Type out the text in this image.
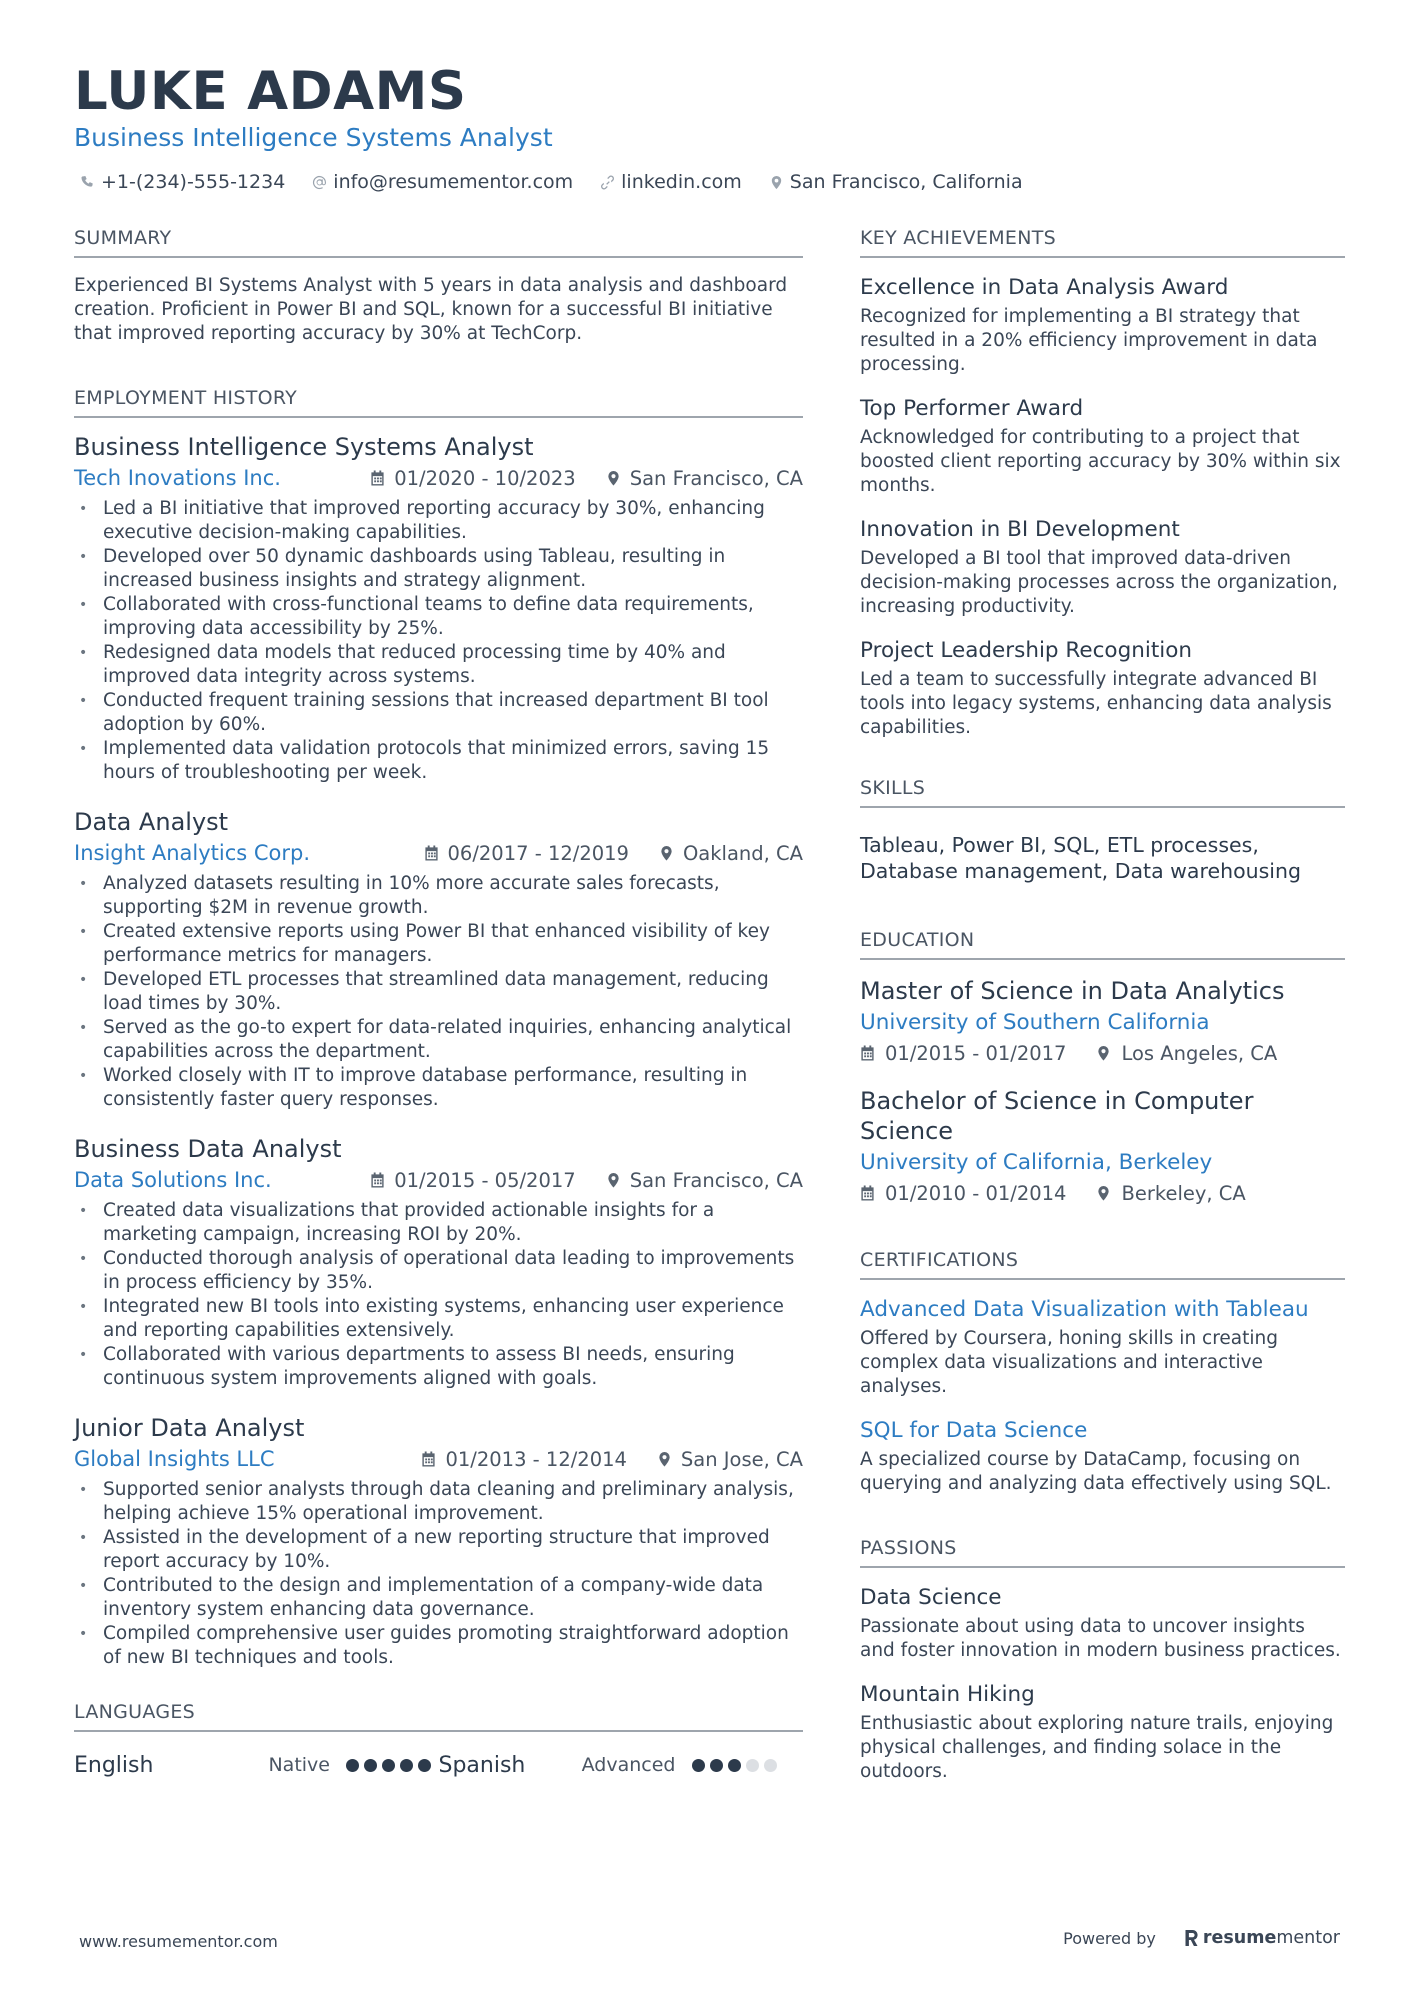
LUKE ADAMS
Business Intelligence Systems Analyst
+1-(234)-555-1234	info@resumementor.com	linkedin.com	San Francisco, California
SUMMARY

Experienced BI Systems Analyst with 5 years in data analysis and dashboard creation. Proficient in Power BI and SQL, known for a successful BI initiative that improved reporting accuracy by 30% at TechCorp.

EMPLOYMENT HISTORY
Business Intelligence Systems Analyst
Tech Inovations Inc.	01/2020 - 10/2023	San Francisco, CA
• Led a BI initiative that improved reporting accuracy by 30%, enhancing executive decision-making capabilities.
• Developed over 50 dynamic dashboards using Tableau, resulting in increased business insights and strategy alignment.
• Collaborated with cross-functional teams to define data requirements, improving data accessibility by 25%.
• Redesigned data models that reduced processing time by 40% and improved data integrity across systems.
• Conducted frequent training sessions that increased department BI tool adoption by 60%.
• Implemented data validation protocols that minimized errors, saving 15 hours of troubleshooting per week.
Data Analyst
Insight Analytics Corp.	06/2017 - 12/2019	Oakland, CA
• Analyzed datasets resulting in 10% more accurate sales forecasts, supporting $2M in revenue growth.
• Created extensive reports using Power BI that enhanced visibility of key performance metrics for managers.
• Developed ETL processes that streamlined data management, reducing load times by 30%.
• Served as the go-to expert for data-related inquiries, enhancing analytical capabilities across the department.
• Worked closely with IT to improve database performance, resulting in consistently faster query responses.
Business Data Analyst
Data Solutions Inc.	01/2015 - 05/2017	San Francisco, CA
• Created data visualizations that provided actionable insights for a marketing campaign, increasing ROI by 20%.
• Conducted thorough analysis of operational data leading to improvements in process efficiency by 35%.
• Integrated new BI tools into existing systems, enhancing user experience and reporting capabilities extensively.
• Collaborated with various departments to assess BI needs, ensuring continuous system improvements aligned with goals.
Junior Data Analyst
Global Insights LLC	01/2013 - 12/2014	San Jose, CA
• Supported senior analysts through data cleaning and preliminary analysis, helping achieve 15% operational improvement.
• Assisted in the development of a new reporting structure that improved report accuracy by 10%.
• Contributed to the design and implementation of a company-wide data inventory system enhancing data governance.
• Compiled comprehensive user guides promoting straightforward adoption of new BI techniques and tools.
LANGUAGES
English	Native	Spanish	Advanced
KEY ACHIEVEMENTS
Excellence in Data Analysis Award

Recognized for implementing a BI strategy that resulted in a 20% efficiency improvement in data processing.

Top Performer Award

Acknowledged for contributing to a project that boosted client reporting accuracy by 30% within six months.

Innovation in BI Development

Developed a BI tool that improved data-driven decision-making processes across the organization, increasing productivity.

Project Leadership Recognition

Led a team to successfully integrate advanced BI tools into legacy systems, enhancing data analysis capabilities.

SKILLS

Tableau, Power BI, SQL, ETL processes, Database management, Data warehousing

EDUCATION
Master of Science in Data Analytics
University of Southern California
01/2015 - 01/2017	Los Angeles, CA
Bachelor of Science in Computer Science
University of California, Berkeley
01/2010 - 01/2014	Berkeley, CA
CERTIFICATIONS
Advanced Data Visualization with Tableau

Offered by Coursera, honing skills in creating complex data visualizations and interactive analyses.

SQL for Data Science

A specialized course by DataCamp, focusing on querying and analyzing data effectively using SQL.

PASSIONS
Data Science

Passionate about using data to uncover insights and foster innovation in modern business practices.

Mountain Hiking

Enthusiastic about exploring nature trails, enjoying physical challenges, and finding solace in the outdoors.

www.resumementor.com	Powered by	resume mentor
